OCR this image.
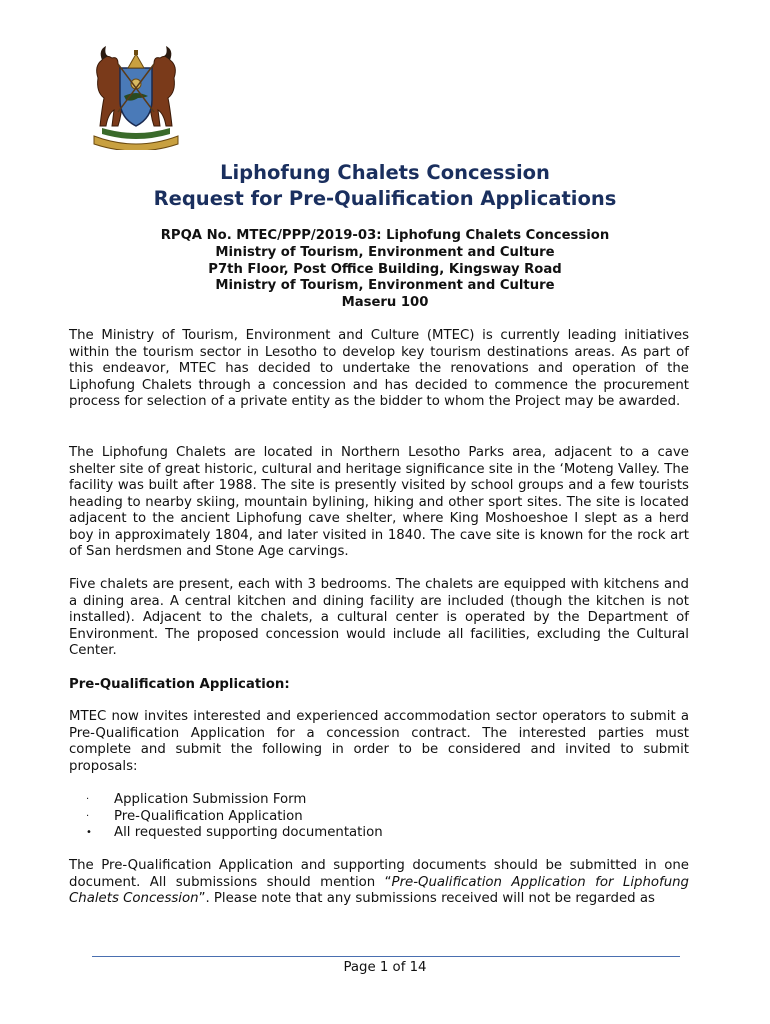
Liphofung Chalets Concession
Request for Pre-Qualification Applications
RPQA No. MTEC/PPP/2019-03: Liphofung Chalets Concession
Ministry of Tourism, Environment and Culture
P7th Floor, Post Office Building, Kingsway Road
Ministry of Tourism, Environment and Culture
Maseru 100

The Ministry of Tourism, Environment and Culture (MTEC) is currently leading initiatives within the tourism sector in Lesotho to develop key tourism destinations areas. As part of this endeavor, MTEC has decided to undertake the renovations and operation of the Liphofung Chalets through a concession and has decided to commence the procurement process for selection of a private entity as the bidder to whom the Project may be awarded.

The Liphofung Chalets are located in Northern Lesotho Parks area, adjacent to a cave shelter site of great historic, cultural and heritage significance site in the ‘Moteng Valley. The facility was built after 1988. The site is presently visited by school groups and a few tourists heading to nearby skiing, mountain bylining, hiking and other sport sites. The site is located adjacent to the ancient Liphofung cave shelter, where King Moshoeshoe I slept as a herd boy in approximately 1804, and later visited in 1840. The cave site is known for the rock art of San herdsmen and Stone Age carvings.

Five chalets are present, each with 3 bedrooms. The chalets are equipped with kitchens and a dining area. A central kitchen and dining facility are included (though the kitchen is not installed). Adjacent to the chalets, a cultural center is operated by the Department of Environment. The proposed concession would include all facilities, excluding the Cultural Center.

Pre-Qualification Application:

MTEC now invites interested and experienced accommodation sector operators to submit a Pre-Qualification Application for a concession contract. The interested parties must complete and submit the following in order to be considered and invited to submit proposals:

· Application Submission Form
· Pre-Qualification Application
• All requested supporting documentation

The Pre-Qualification Application and supporting documents should be submitted in one document. All submissions should mention “Pre-Qualification Application for Liphofung Chalets Concession”. Please note that any submissions received will not be regarded as

Page 1 of 14
